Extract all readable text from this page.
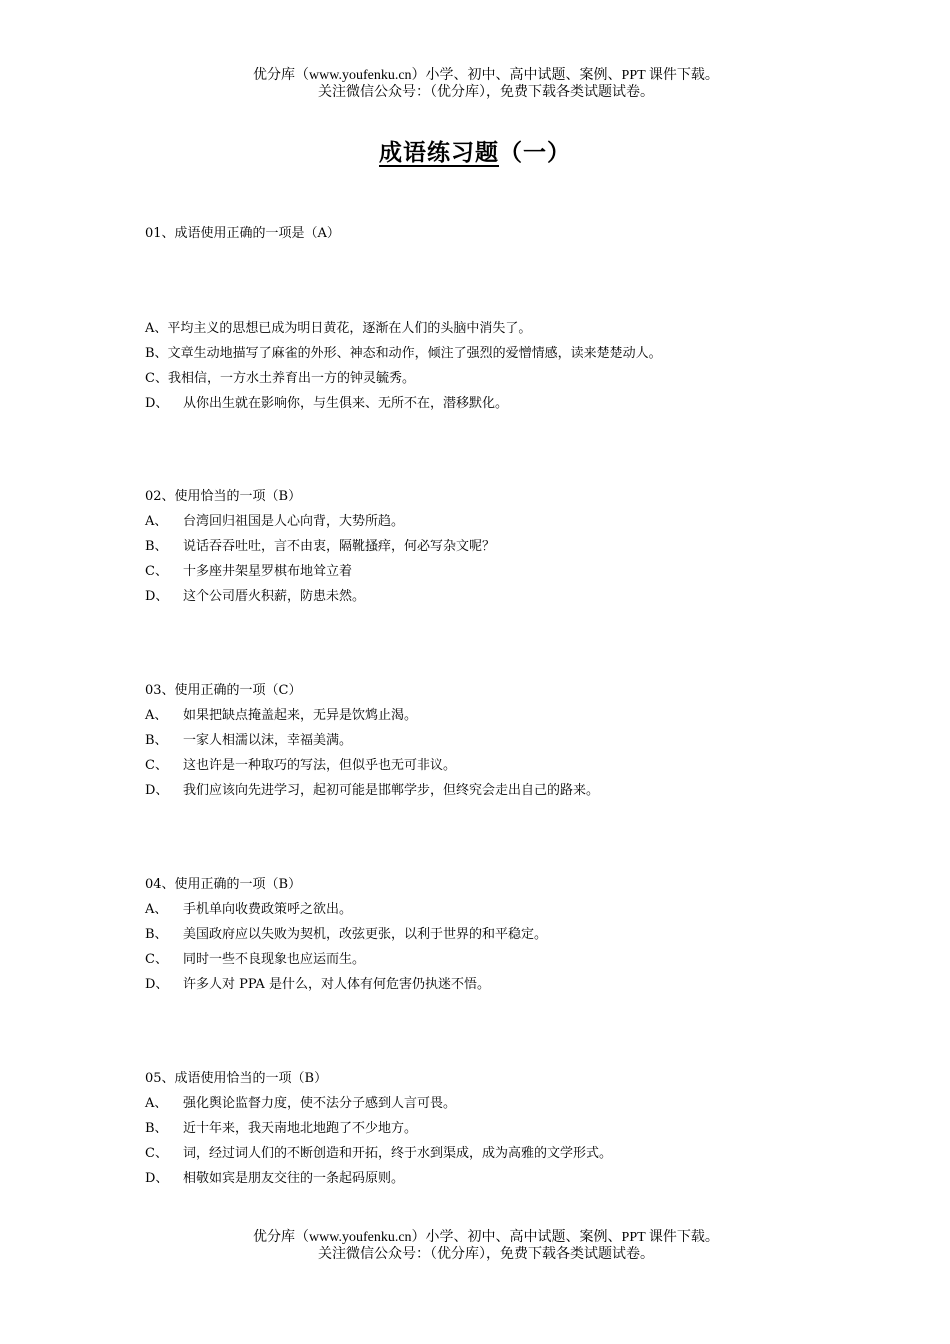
优分库（www.youfenku.cn）小学、初中、高中试题、案例、PPT 课件下载。
关注微信公众号：（优分库），免费下载各类试题试卷。
成语练习题（一）
01、成语使用正确的一项是（A）
A、平均主义的思想已成为明日黄花，逐渐在人们的头脑中消失了。
B、文章生动地描写了麻雀的外形、神态和动作，倾注了强烈的爱憎情感，读来楚楚动人。
C、我相信，一方水土养育出一方的钟灵毓秀。
D、 从你出生就在影响你，与生俱来、无所不在，潜移默化。
02、使用恰当的一项（B）
A、 台湾回归祖国是人心向背，大势所趋。
B、 说话吞吞吐吐，言不由衷，隔靴搔痒，何必写杂文呢？
C、 十多座井架星罗棋布地耸立着
D、 这个公司厝火积薪，防患未然。
03、使用正确的一项（C）
A、 如果把缺点掩盖起来，无异是饮鸩止渴。
B、 一家人相濡以沫，幸福美满。
C、 这也许是一种取巧的写法，但似乎也无可非议。
D、 我们应该向先进学习，起初可能是邯郸学步，但终究会走出自己的路来。
04、使用正确的一项（B）
A、 手机单向收费政策呼之欲出。
B、 美国政府应以失败为契机，改弦更张，以利于世界的和平稳定。
C、 同时一些不良现象也应运而生。
D、 许多人对 PPA 是什么，对人体有何危害仍执迷不悟。
05、成语使用恰当的一项（B）
A、 强化舆论监督力度，使不法分子感到人言可畏。
B、 近十年来，我天南地北地跑了不少地方。
C、 词，经过词人们的不断创造和开拓，终于水到渠成，成为高雅的文学形式。
D、 相敬如宾是朋友交往的一条起码原则。
优分库（www.youfenku.cn）小学、初中、高中试题、案例、PPT 课件下载。
关注微信公众号：（优分库），免费下载各类试题试卷。
